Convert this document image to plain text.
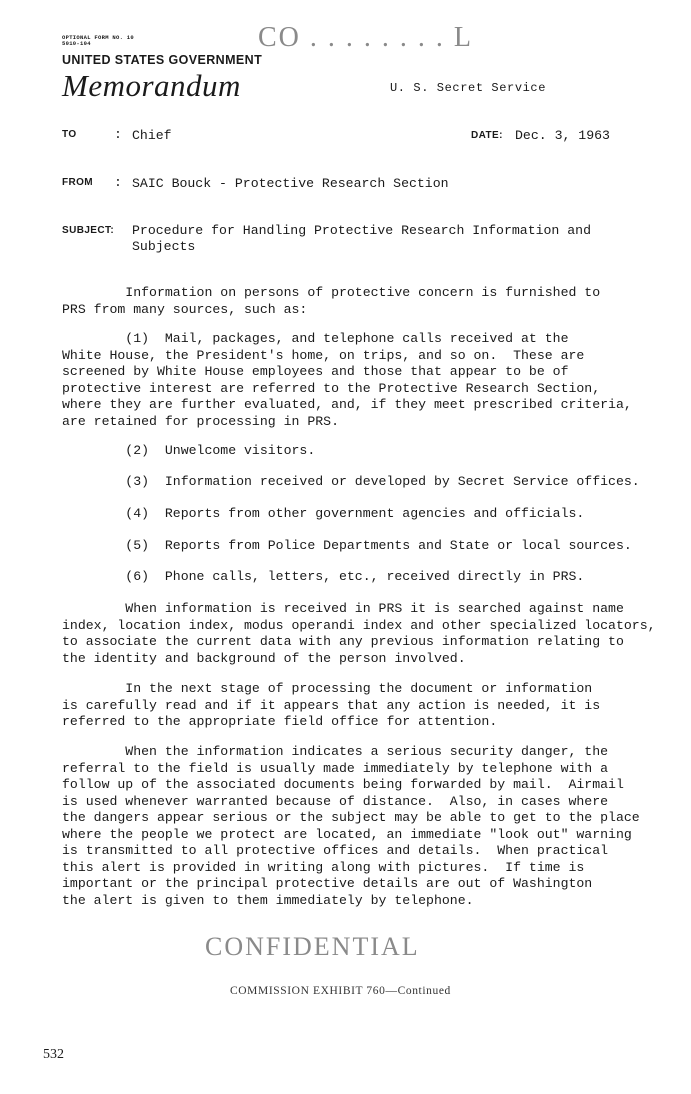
OPTIONAL FORM NO. 10
5010-104	CO . . . . . . . . L
UNITED STATES GOVERNMENT
Memorandum	U. S. Secret Service
TO	: Chief	DATE: Dec. 3, 1963
FROM : SAIC Bouck - Protective Research Section
SUBJECT: Procedure for Handling Protective Research Information and
Subjects
Information on persons of protective concern is furnished to
PRS from many sources, such as:
(1)  Mail, packages, and telephone calls received at the
White House, the President's home, on trips, and so on.  These are
screened by White House employees and those that appear to be of
protective interest are referred to the Protective Research Section,
where they are further evaluated, and, if they meet prescribed criteria,
are retained for processing in PRS.
(2)  Unwelcome visitors.
(3)  Information received or developed by Secret Service offices.
(4)  Reports from other government agencies and officials.
(5)  Reports from Police Departments and State or local sources.
(6)  Phone calls, letters, etc., received directly in PRS.
When information is received in PRS it is searched against name
index, location index, modus operandi index and other specialized locators,
to associate the current data with any previous information relating to
the identity and background of the person involved.
In the next stage of processing the document or information
is carefully read and if it appears that any action is needed, it is
referred to the appropriate field office for attention.
When the information indicates a serious security danger, the
referral to the field is usually made immediately by telephone with a
follow up of the associated documents being forwarded by mail.  Airmail
is used whenever warranted because of distance.  Also, in cases where
the dangers appear serious or the subject may be able to get to the place
where the people we protect are located, an immediate "look out" warning
is transmitted to all protective offices and details.  When practical
this alert is provided in writing along with pictures.  If time is
important or the principal protective details are out of Washington
the alert is given to them immediately by telephone.
CONFIDENTIAL
COMMISSION EXHIBIT 760—Continued
532
